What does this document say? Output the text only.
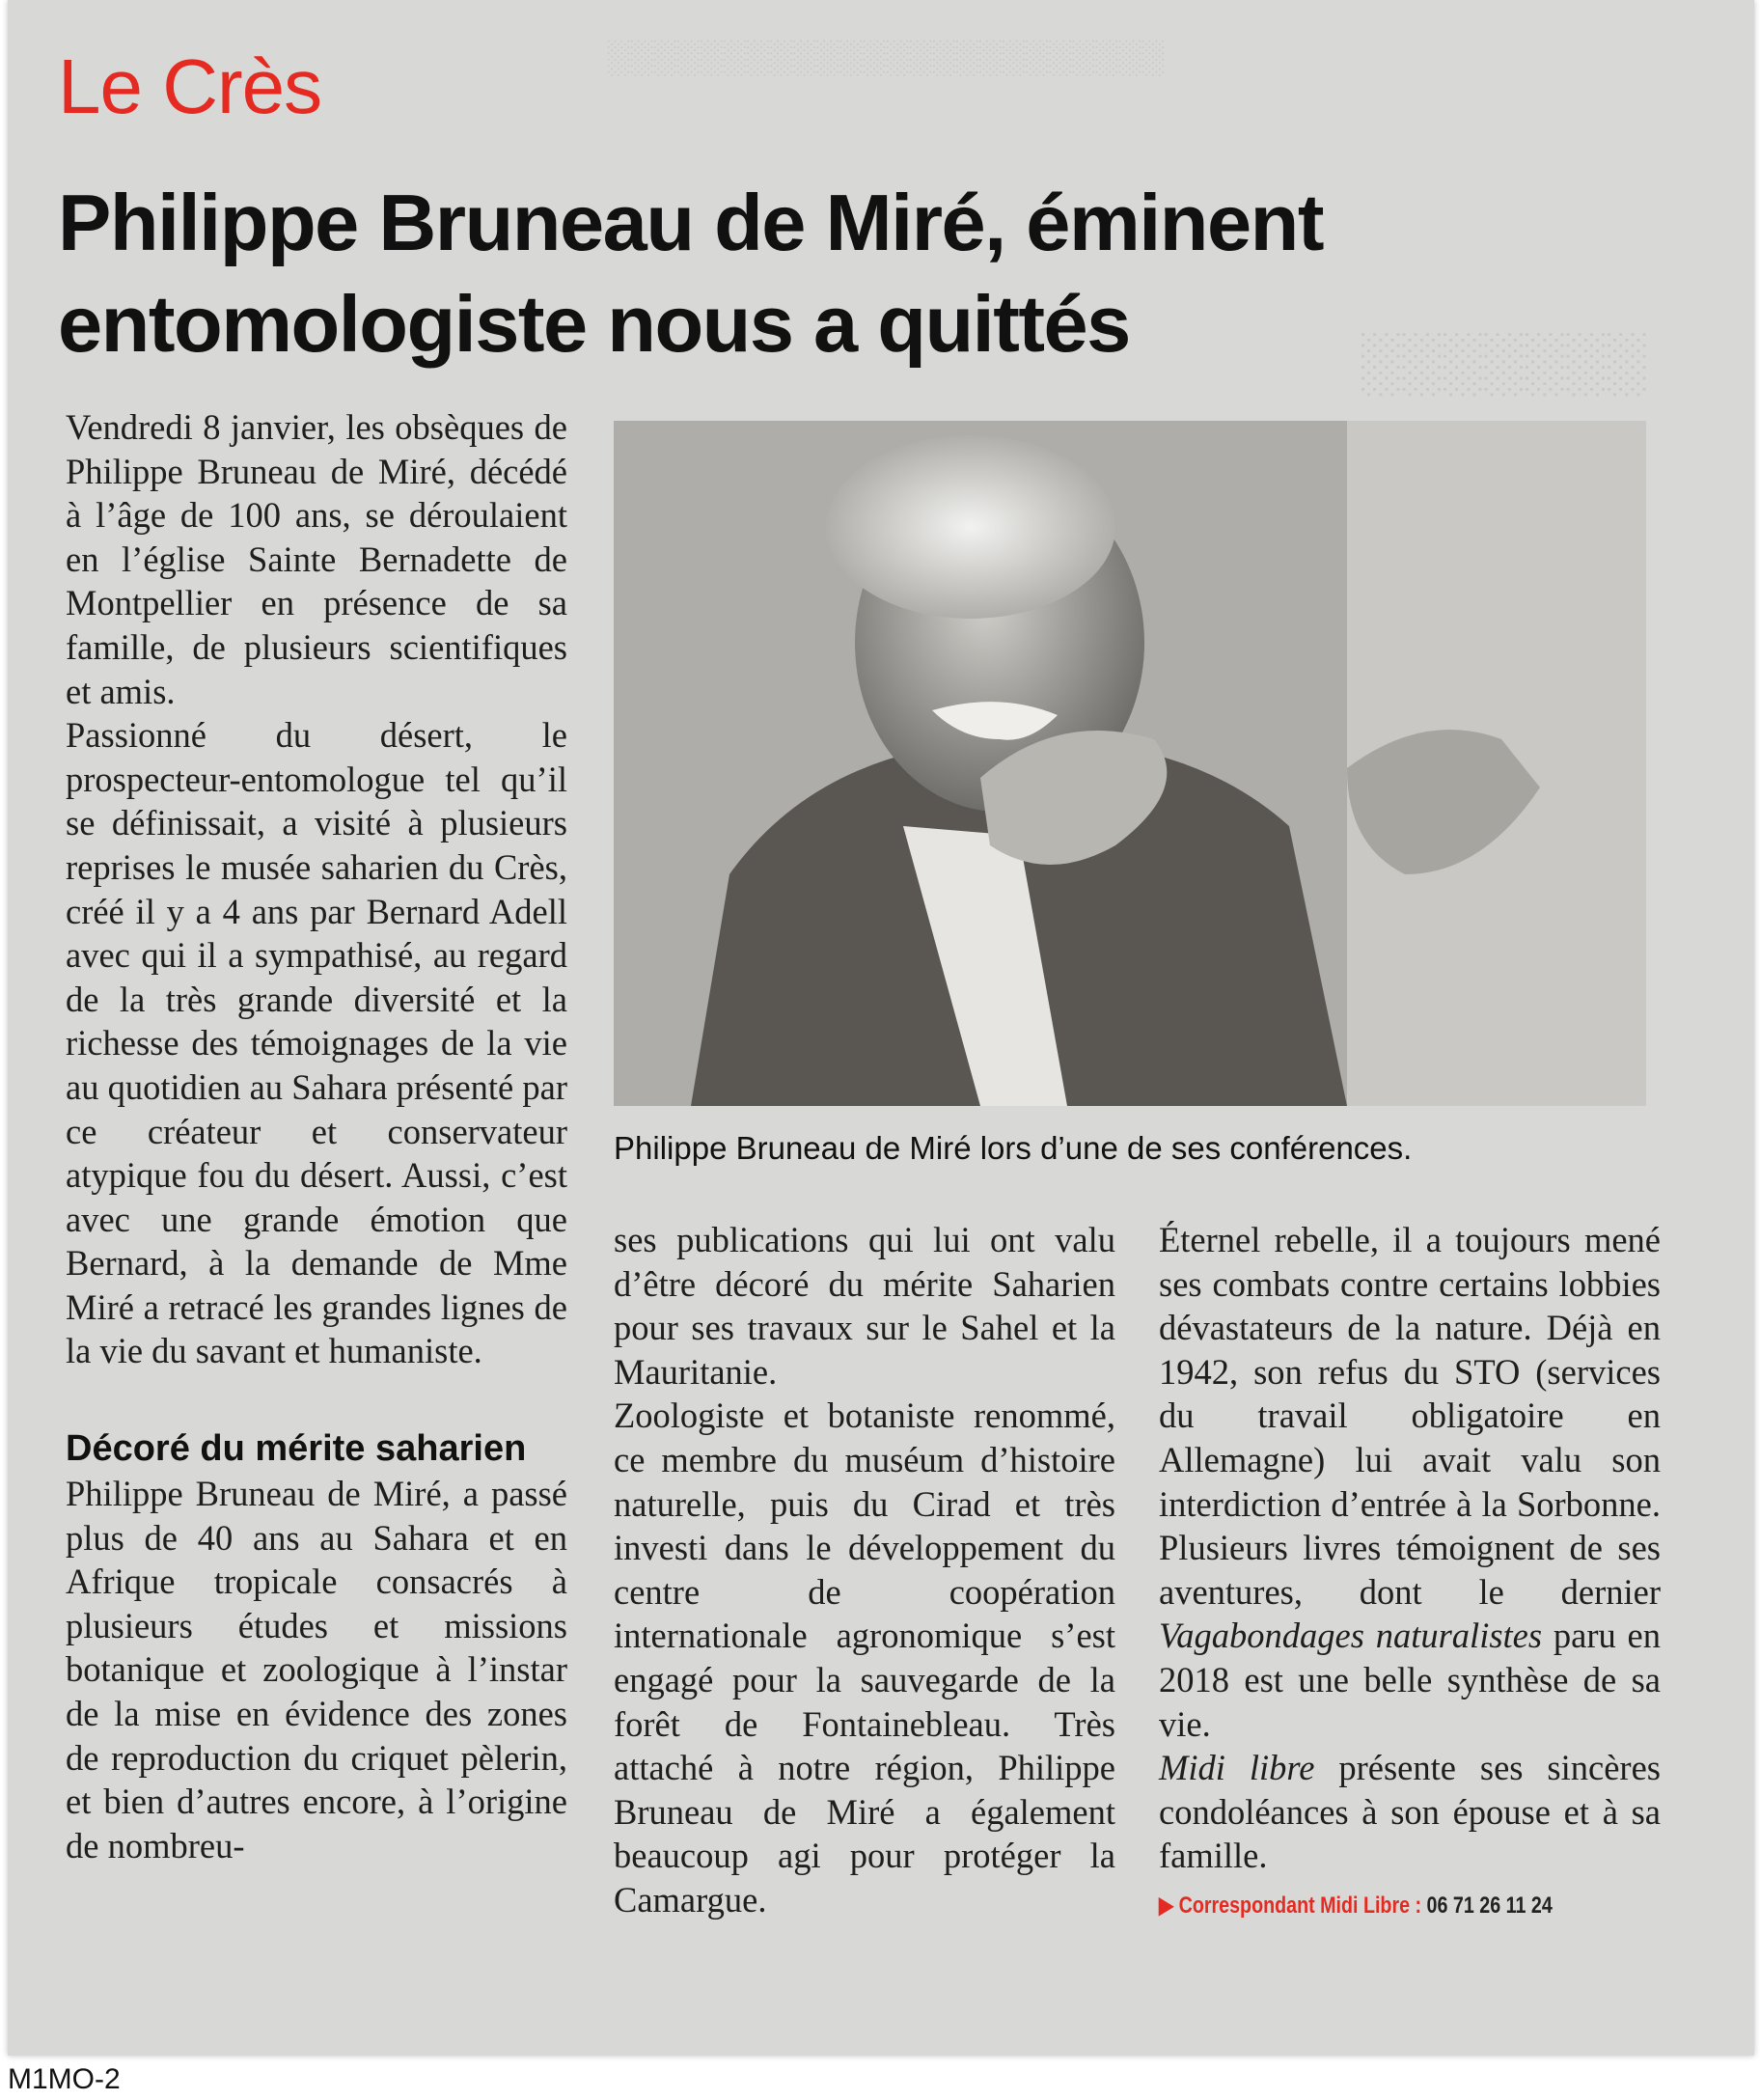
░░░░░░░░░░░░░░░░░░░░░░░░
░░░░░░░
Le Crès
Philippe Bruneau de Miré, éminent entomologiste nous a quittés

Vendredi 8 janvier, les obsèques de Philippe Bruneau de Miré, décédé à l’âge de 100 ans, se déroulaient en l’église Sainte Bernadette de Montpellier en présence de sa famille, de plusieurs scientifiques et amis.

Passionné du désert, le prospecteur-entomologue tel qu’il se définissait, a visité à plusieurs reprises le musée saharien du Crès, créé il y a 4 ans par Bernard Adell avec qui il a sympathisé, au regard de la très grande diversité et la richesse des témoignages de la vie au quotidien au Sahara présenté par ce créateur et conservateur atypique fou du désert. Aussi, c’est avec une grande émotion que Bernard, à la demande de Mme Miré a retracé les grandes lignes de la vie du savant et humaniste.

Décoré du mérite saharien

Philippe Bruneau de Miré, a passé plus de 40 ans au Sahara et en Afrique tropicale consacrés à plusieurs études et missions botanique et zoologique à l’instar de la mise en évidence des zones de reproduction du criquet pèlerin, et bien d’autres encore, à l’origine de nombreu-

Philippe Bruneau de Miré lors d’une de ses conférences.

ses publications qui lui ont valu d’être décoré du mérite Saharien pour ses travaux sur le Sahel et la Mauritanie.

Zoologiste et botaniste renommé, ce membre du muséum d’histoire naturelle, puis du Cirad et très investi dans le développement du centre de coopération internationale agronomique s’est engagé pour la sauvegarde de la forêt de Fontainebleau. Très attaché à notre région, Philippe Bruneau de Miré a également beaucoup agi pour protéger la Camargue.

Éternel rebelle, il a toujours mené ses combats contre certains lobbies dévastateurs de la nature. Déjà en 1942, son refus du STO (services du travail obligatoire en Allemagne) lui avait valu son interdiction d’entrée à la Sorbonne. Plusieurs livres témoignent de ses aventures, dont le dernier Vagabondages naturalistes paru en 2018 est une belle synthèse de sa vie.

Midi libre présente ses sincères condoléances à son épouse et à sa famille.

▶ Correspondant Midi Libre : 06 71 26 11 24
M1MO-2
